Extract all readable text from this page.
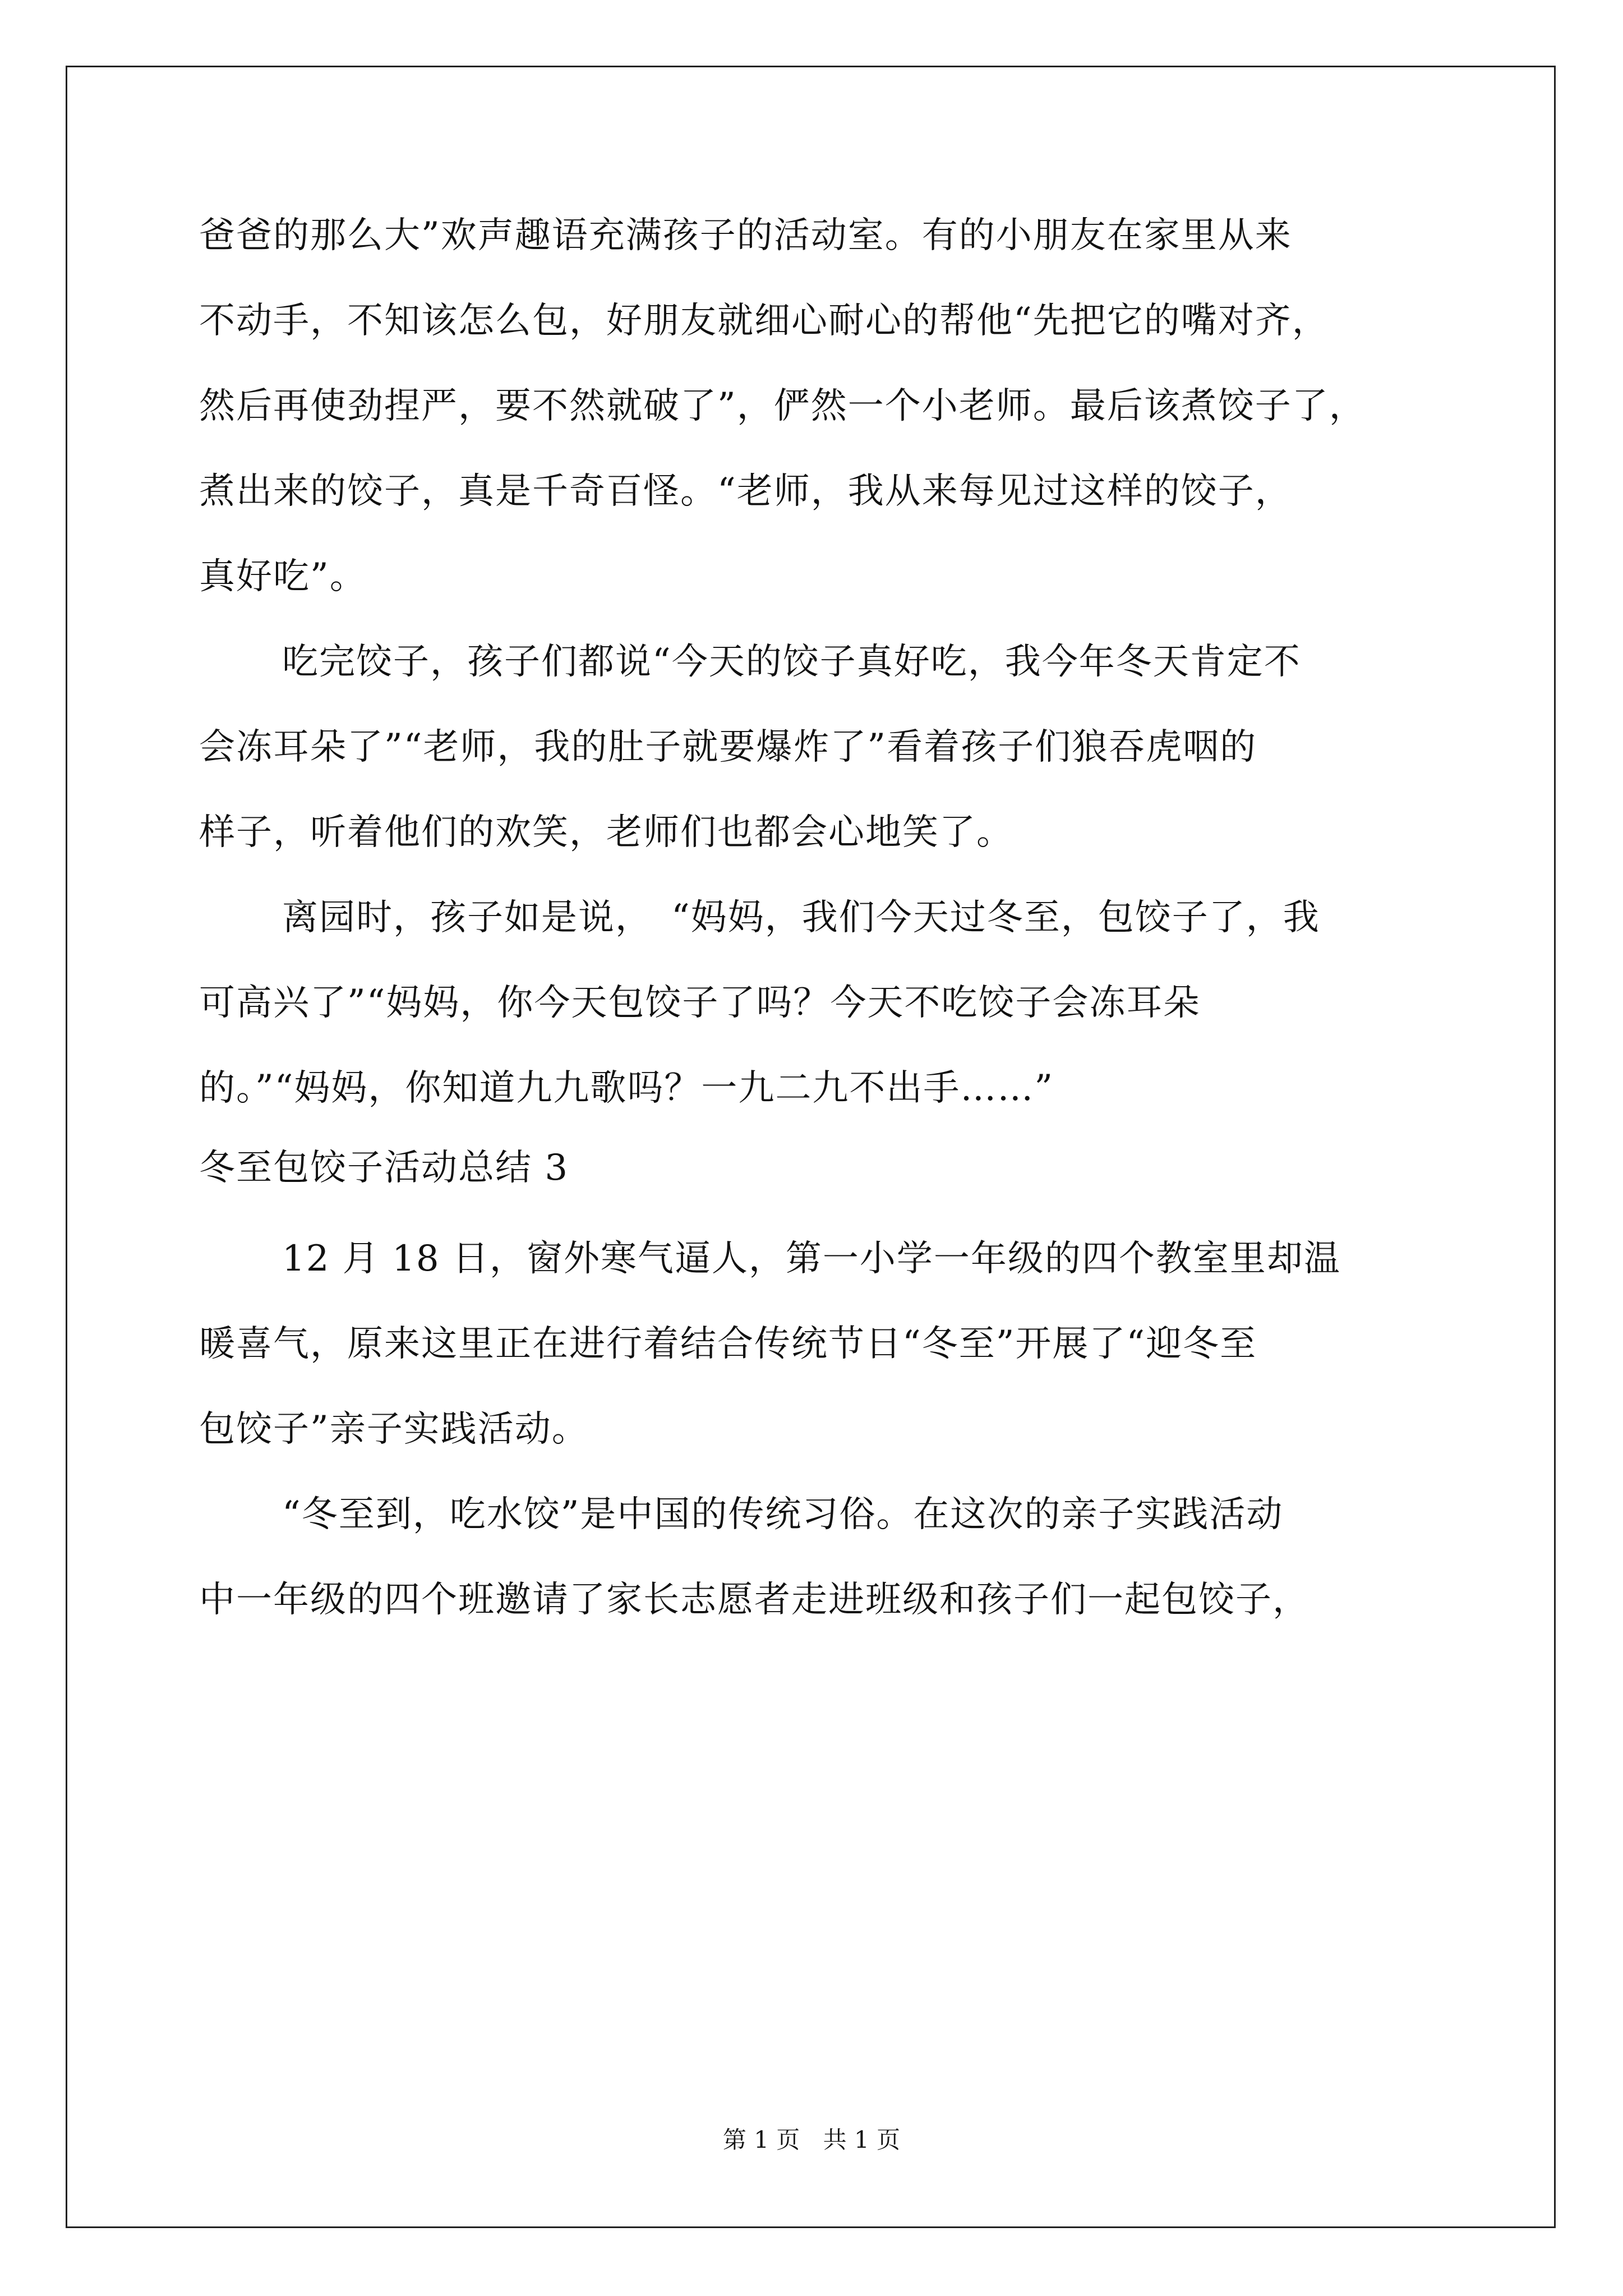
爸爸的那么大”欢声趣语充满孩子的活动室。有的小朋友在家里从来
不动手，不知该怎么包，好朋友就细心耐心的帮他“先把它的嘴对齐，
然后再使劲捏严，要不然就破了”，俨然一个小老师。最后该煮饺子了，
煮出来的饺子，真是千奇百怪。“老师，我从来每见过这样的饺子，
真好吃”。
吃完饺子，孩子们都说“今天的饺子真好吃，我今年冬天肯定不
会冻耳朵了”“老师，我的肚子就要爆炸了”看着孩子们狼吞虎咽的
样子，听着他们的欢笑，老师们也都会心地笑了。
离园时，孩子如是说，　“妈妈，我们今天过冬至，包饺子了，我
可高兴了”“妈妈，你今天包饺子了吗？今天不吃饺子会冻耳朵
的。”“妈妈，你知道九九歌吗？一九二九不出手……”
冬至包饺子活动总结 3
12 月 18 日，窗外寒气逼人，第一小学一年级的四个教室里却温
暖喜气，原来这里正在进行着结合传统节日“冬至”开展了“迎冬至
包饺子”亲子实践活动。
“冬至到，吃水饺”是中国的传统习俗。在这次的亲子实践活动
中一年级的四个班邀请了家长志愿者走进班级和孩子们一起包饺子，
第 1 页 共 1 页
